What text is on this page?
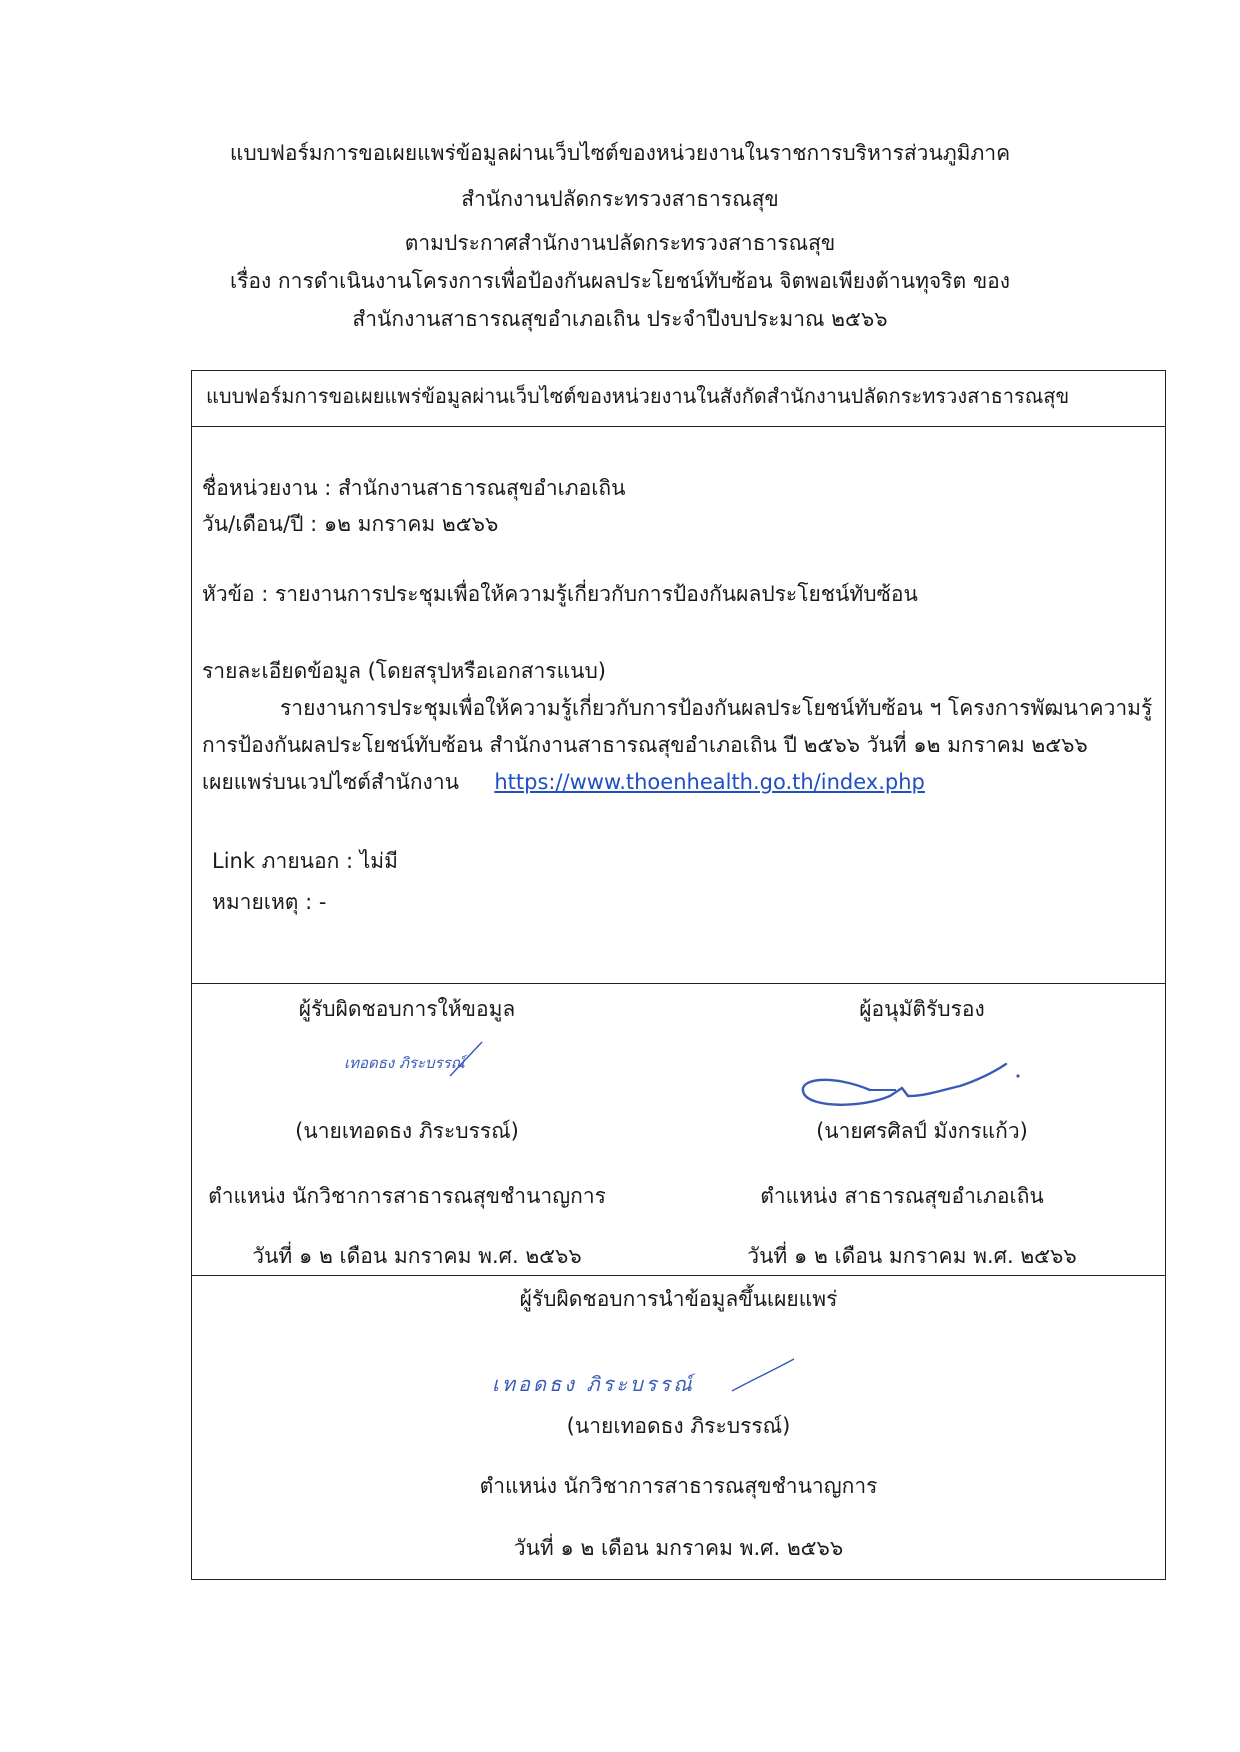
แบบฟอร์มการขอเผยแพร่ข้อมูลผ่านเว็บไซต์ของหน่วยงานในราชการบริหารส่วนภูมิภาค
สำนักงานปลัดกระทรวงสาธารณสุข
ตามประกาศสำนักงานปลัดกระทรวงสาธารณสุข
เรื่อง การดำเนินงานโครงการเพื่อป้องกันผลประโยชน์ทับซ้อน จิตพอเพียงต้านทุจริต ของ
สำนักงานสาธารณสุขอำเภอเถิน ประจำปีงบประมาณ ๒๕๖๖
แบบฟอร์มการขอเผยแพร่ข้อมูลผ่านเว็บไซต์ของหน่วยงานในสังกัดสำนักงานปลัดกระทรวงสาธารณสุข
ชื่อหน่วยงาน : สำนักงานสาธารณสุขอำเภอเถิน
วัน/เดือน/ปี : ๑๒ มกราคม ๒๕๖๖
หัวข้อ : รายงานการประชุมเพื่อให้ความรู้เกี่ยวกับการป้องกันผลประโยชน์ทับซ้อน
รายละเอียดข้อมูล (โดยสรุปหรือเอกสารแนบ)
รายงานการประชุมเพื่อให้ความรู้เกี่ยวกับการป้องกันผลประโยชน์ทับซ้อน ฯ โครงการพัฒนาความรู้
การป้องกันผลประโยชน์ทับซ้อน สำนักงานสาธารณสุขอำเภอเถิน ปี ๒๕๖๖ วันที่ ๑๒ มกราคม ๒๕๖๖
เผยแพร่บนเวปไซต์สำนักงาน https://www.thoenhealth.go.th/index.php
Link ภายนอก : ไม่มี
หมายเหตุ : -
ผู้รับผิดชอบการให้ขอมูล
เทอดธง ภิระบรรณ์
(นายเทอดธง ภิระบรรณ์)
ตำแหน่ง นักวิชาการสาธารณสุขชำนาญการ
วันที่ ๑ ๒ เดือน มกราคม พ.ศ. ๒๕๖๖
ผู้อนุมัติรับรอง
(นายศรศิลป์ มังกรแก้ว)
ตำแหน่ง สาธารณสุขอำเภอเถิน
วันที่ ๑ ๒ เดือน มกราคม พ.ศ. ๒๕๖๖
ผู้รับผิดชอบการนำข้อมูลขึ้นเผยแพร่
เทอดธง ภิระบรรณ์
(นายเทอดธง ภิระบรรณ์)
ตำแหน่ง นักวิชาการสาธารณสุขชำนาญการ
วันที่ ๑ ๒ เดือน มกราคม พ.ศ. ๒๕๖๖
